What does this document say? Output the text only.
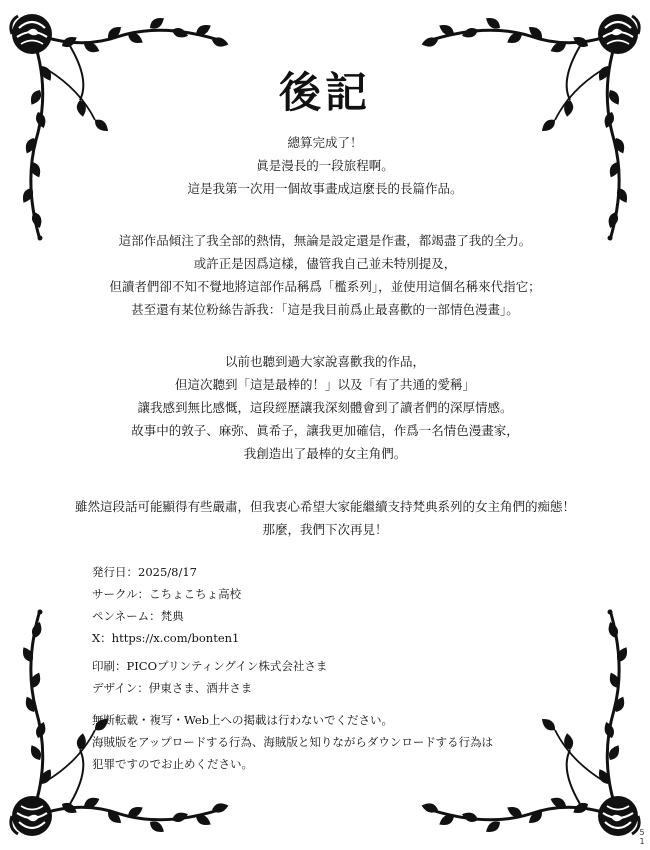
後記

總算完成了！

眞是漫長的一段旅程啊。

這是我第一次用一個故事畫成這麼長的長篇作品。

這部作品傾注了我全部的熱情，無論是設定還是作畫，都竭盡了我的全力。

或許正是因爲這樣，儘管我自己並未特別提及，

但讀者們卻不知不覺地將這部作品稱爲「檻系列」，並使用這個名稱來代指它；

甚至還有某位粉絲告訴我：「這是我目前爲止最喜歡的一部情色漫畫」。

以前也聽到過大家說喜歡我的作品，

但這次聽到「這是最棒的！」以及「有了共通的愛稱」

讓我感到無比感慨，這段經歷讓我深刻體會到了讀者們的深厚情感。

故事中的敦子、麻弥、眞希子，讓我更加確信，作爲一名情色漫畫家，

我創造出了最棒的女主角們。

雖然這段話可能顯得有些嚴肅，但我衷心希望大家能繼續支持梵典系列的女主角們的痴態！

那麼，我們下次再見！

発行日：2025/8/17

サークル：こちょこちょ高校

ペンネーム：梵典

X：https://x.com/bonten1

印刷：PICOプリンティングイン株式会社さま

デザイン：伊東さま、酒井さま

無断転載・複写・Web上への掲載は行わないでください。

海賊版をアップロードする行為、海賊版と知りながらダウンロードする行為は

犯罪ですのでお止めください。

51
